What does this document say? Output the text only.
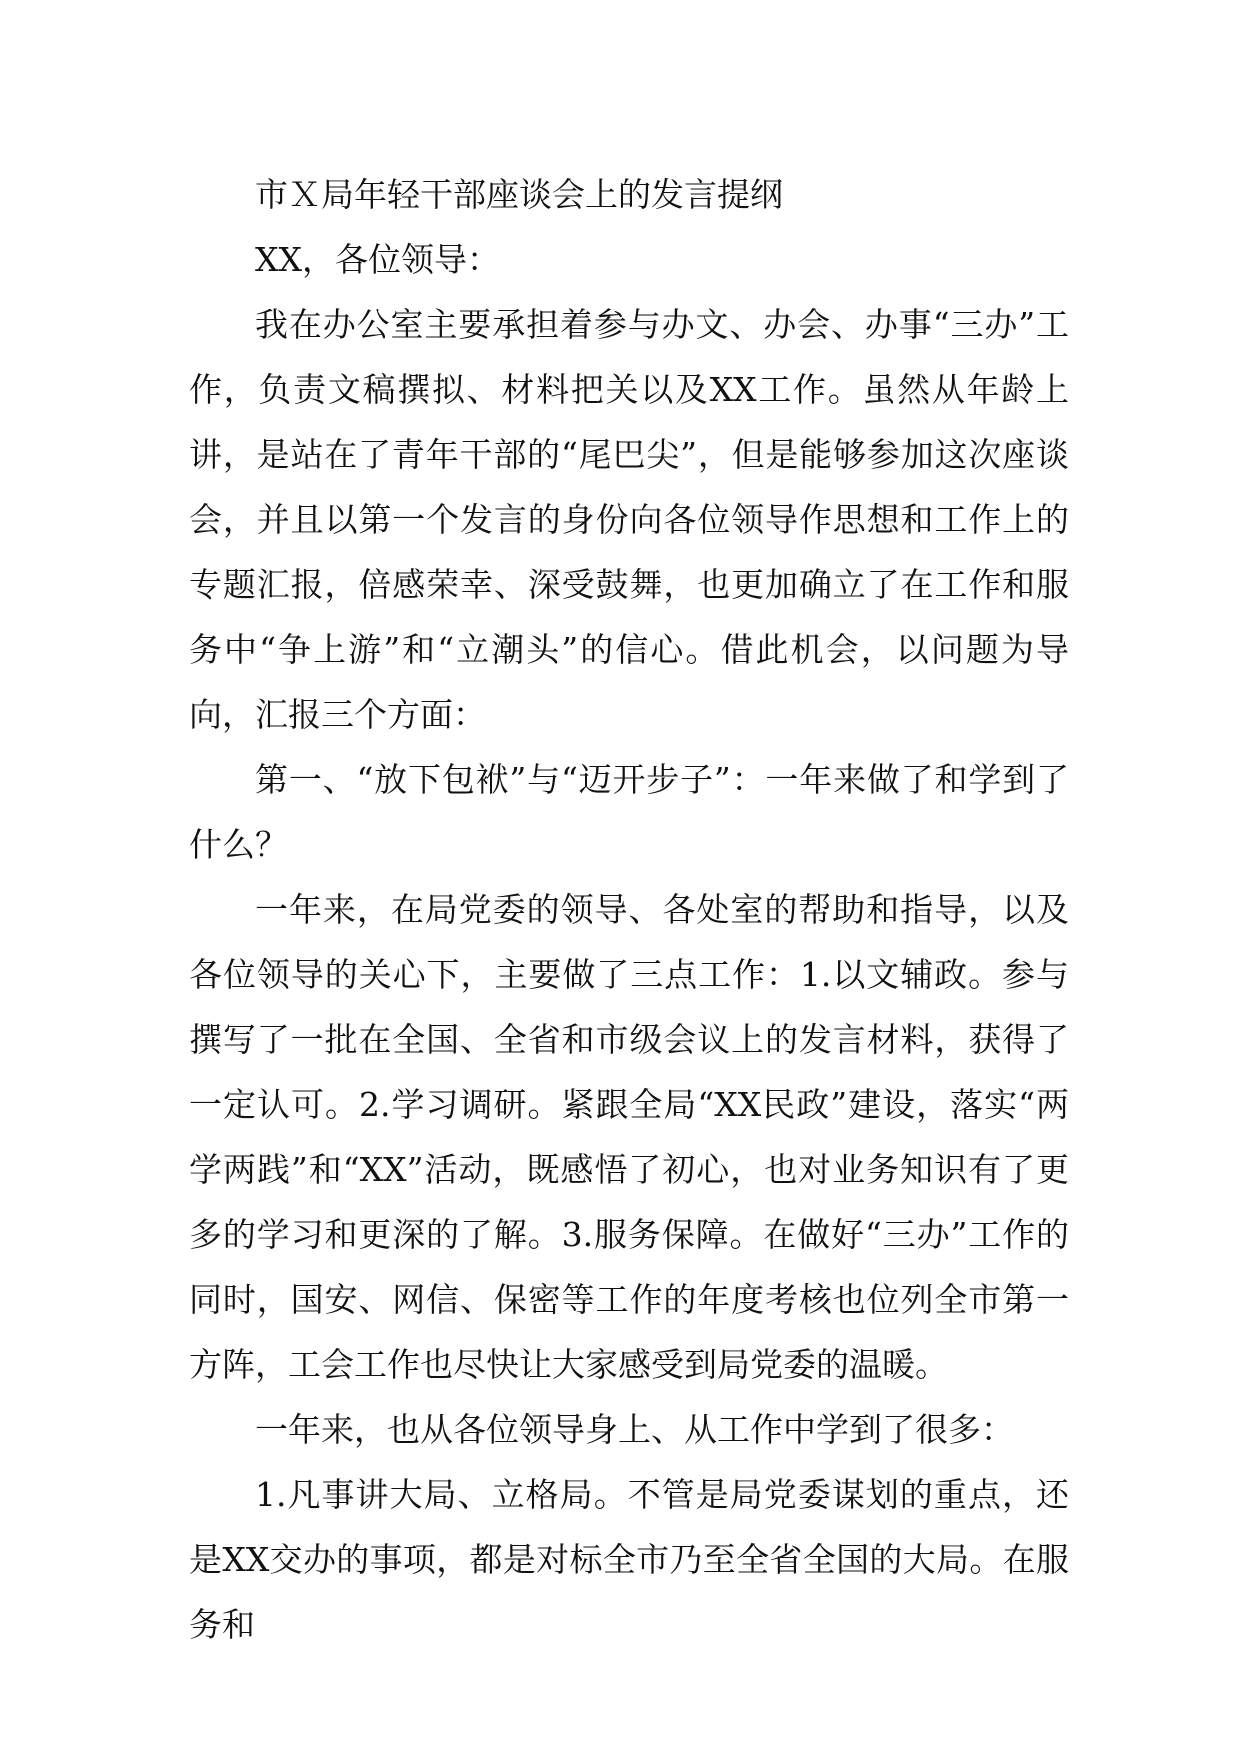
市Ｘ局年轻干部座谈会上的发言提纲

XX，各位领导：

我在办公室主要承担着参与办文、办会、办事“三办”工作，负责文稿撰拟、材料把关以及XX工作。虽然从年龄上讲，是站在了青年干部的“尾巴尖”，但是能够参加这次座谈会，并且以第一个发言的身份向各位领导作思想和工作上的专题汇报，倍感荣幸、深受鼓舞，也更加确立了在工作和服务中“争上游”和“立潮头”的信心。借此机会，以问题为导向，汇报三个方面：

第一、“放下包袱”与“迈开步子”：一年来做了和学到了什么？

一年来，在局党委的领导、各处室的帮助和指导，以及各位领导的关心下，主要做了三点工作：1.以文辅政。参与撰写了一批在全国、全省和市级会议上的发言材料，获得了一定认可。2.学习调研。紧跟全局“XX民政”建设，落实“两学两践”和“XX”活动，既感悟了初心，也对业务知识有了更多的学习和更深的了解。3.服务保障。在做好“三办”工作的同时，国安、网信、保密等工作的年度考核也位列全市第一方阵，工会工作也尽快让大家感受到局党委的温暖。

一年来，也从各位领导身上、从工作中学到了很多：

1.凡事讲大局、立格局。不管是局党委谋划的重点，还是XX交办的事项，都是对标全市乃至全省全国的大局。在服务和
